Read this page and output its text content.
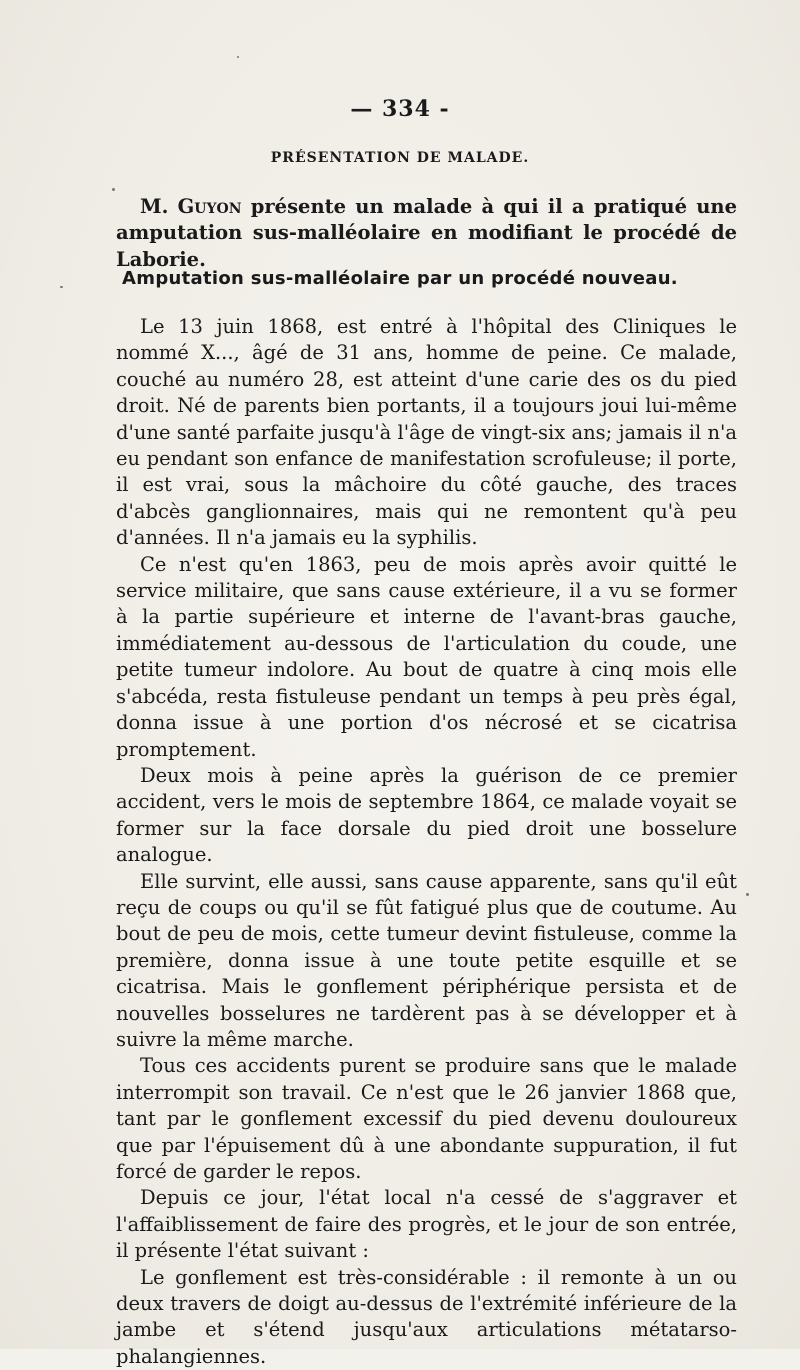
— 334 -
PRÉSENTATION DE MALADE.

M. Guyon présente un malade à qui il a pratiqué une amputation sus-malléolaire en modifiant le procédé de Laborie.

Amputation sus-malléolaire par un procédé nouveau.

Le 13 juin 1868, est entré à l'hôpital des Cliniques le nommé X..., âgé de 31 ans, homme de peine. Ce malade, couché au numéro 28, est atteint d'une carie des os du pied droit. Né de parents bien portants, il a toujours joui lui-même d'une santé parfaite jusqu'à l'âge de vingt-six ans; jamais il n'a eu pendant son enfance de manifestation scrofuleuse; il porte, il est vrai, sous la mâchoire du côté gauche, des traces d'abcès ganglionnaires, mais qui ne remontent qu'à peu d'années. Il n'a jamais eu la syphilis.

Ce n'est qu'en 1863, peu de mois après avoir quitté le service militaire, que sans cause extérieure, il a vu se former à la partie supérieure et interne de l'avant-bras gauche, immédiatement au-dessous de l'articulation du coude, une petite tumeur indolore. Au bout de quatre à cinq mois elle s'abcéda, resta fistuleuse pendant un temps à peu près égal, donna issue à une portion d'os nécrosé et se cicatrisa promptement.

Deux mois à peine après la guérison de ce premier accident, vers le mois de septembre 1864, ce malade voyait se former sur la face dorsale du pied droit une bosselure analogue.

Elle survint, elle aussi, sans cause apparente, sans qu'il eût reçu de coups ou qu'il se fût fatigué plus que de coutume. Au bout de peu de mois, cette tumeur devint fistuleuse, comme la première, donna issue à une toute petite esquille et se cicatrisa. Mais le gonflement périphérique persista et de nouvelles bosselures ne tardèrent pas à se développer et à suivre la même marche.

Tous ces accidents purent se produire sans que le malade interrompit son travail. Ce n'est que le 26 janvier 1868 que, tant par le gonflement excessif du pied devenu douloureux que par l'épuisement dû à une abondante suppuration, il fut forcé de garder le repos.

Depuis ce jour, l'état local n'a cessé de s'aggraver et l'affaiblissement de faire des progrès, et le jour de son entrée, il présente l'état suivant :

Le gonflement est très-considérable : il remonte à un ou deux travers de doigt au-dessus de l'extrémité inférieure de la jambe et s'étend jusqu'aux articulations métatarso-phalangiennes.
